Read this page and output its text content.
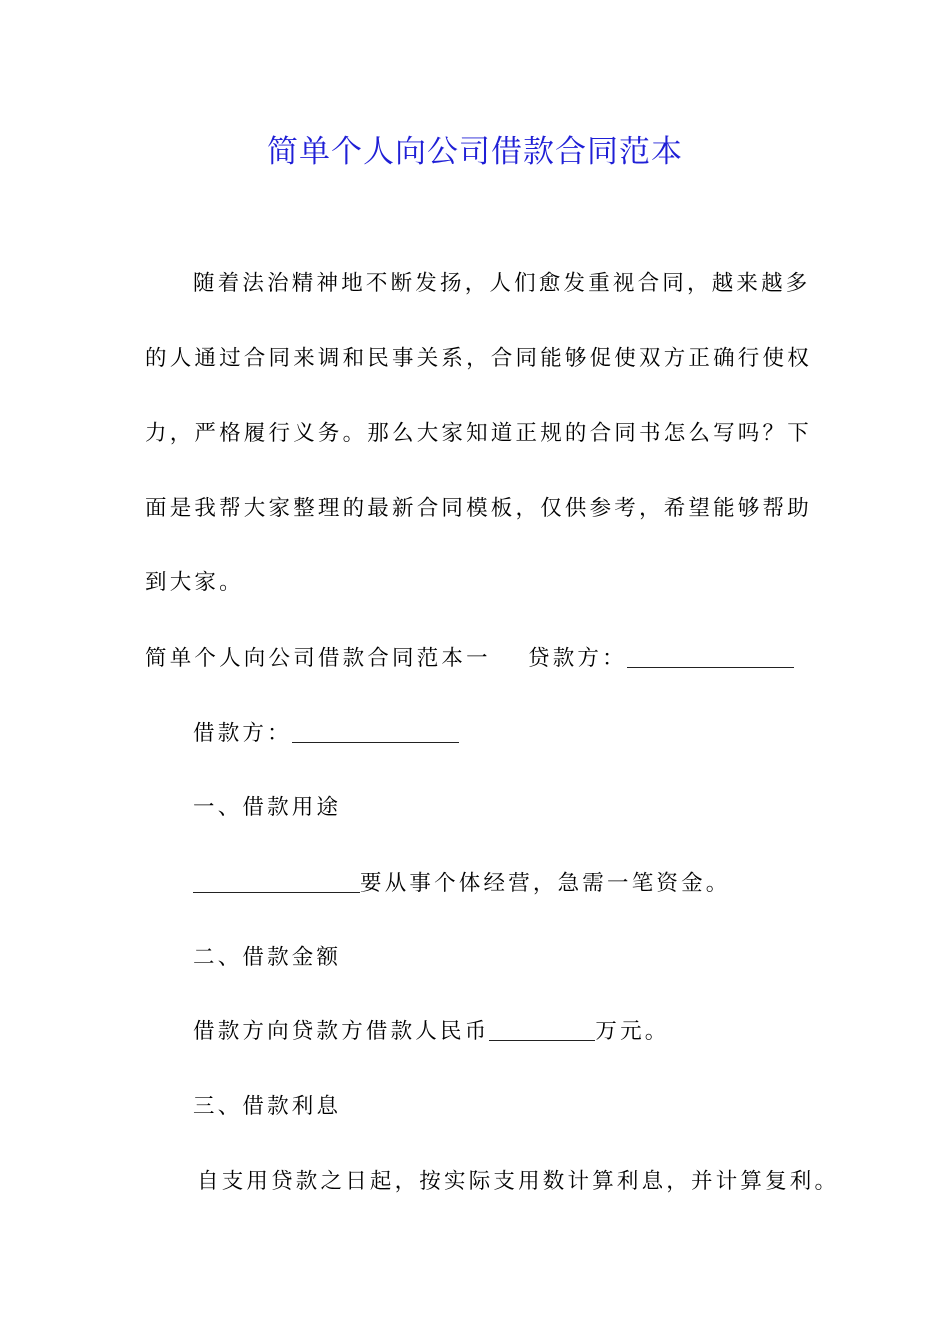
简单个人向公司借款合同范本
随着法治精神地不断发扬，人们愈发重视合同，越来越多
的人通过合同来调和民事关系，合同能够促使双方正确行使权
力，严格履行义务。那么大家知道正规的合同书怎么写吗？下
面是我帮大家整理的最新合同模板，仅供参考，希望能够帮助
到大家。
简单个人向公司借款合同范本一 贷款方：
借款方：
一、借款用途
要从事个体经营，急需一笔资金。
二、借款金额
借款方向贷款方借款人民币	万元。
三、借款利息
自支用贷款之日起，按实际支用数计算利息，并计算复利。
